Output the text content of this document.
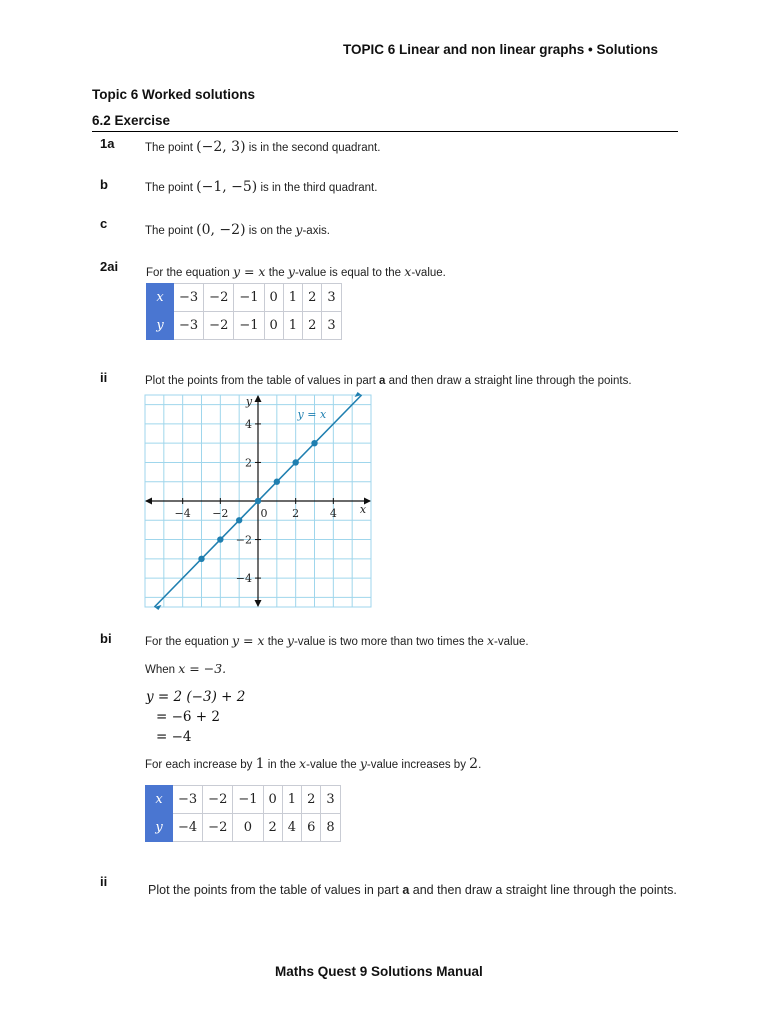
TOPIC 6 Linear and non linear graphs • Solutions
Topic 6 Worked solutions
6.2 Exercise
1a	The point (−2, 3) is in the second quadrant.
b	The point (−1, −5) is in the third quadrant.
c	The point (0, −2) is on the y-axis.
2ai For the equation y = x the y-value is equal to the x-value.
x	−3	−2	−1	0	1	2	3
y	−3	−2	−1	0	1	2	3
ii	Plot the points from the table of values in part a and then draw a straight line through the points.
−4 −2	0 2	4
4
2
−2
−4
x
y
y = x
bi	For the equation y = x the y-value is two more than two times the x-value.
When x = −3.
y = 2 (−3) + 2
= −6 + 2
= −4
For each increase by 1 in the x-value the y-value increases by 2.
x	−3	−2	−1	0	1	2	3
y	−4	−2	0	2	4	6	8
ii
Plot the points from the table of values in part a and then draw a straight line through the points.
Maths Quest 9 Solutions Manual
